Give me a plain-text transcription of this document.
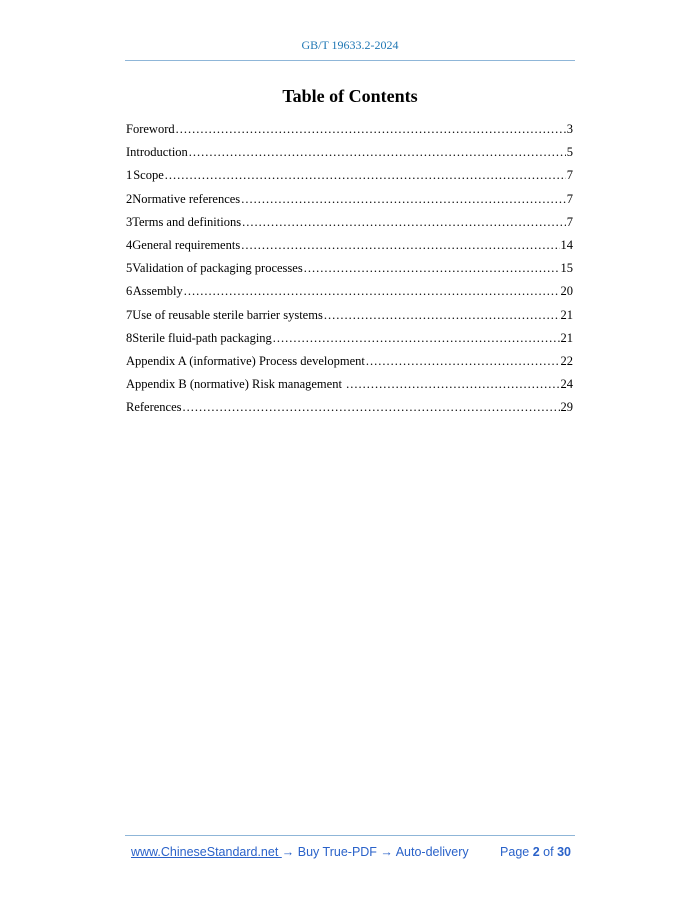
GB/T 19633.2-2024
Table of Contents
Foreword .....	3
Introduction .....	5
1 Scope .....	7
2 Normative references .....	7
3 Terms and definitions .....	7
4 General requirements .....	14
5 Validation of packaging processes .....	15
6 Assembly .....	20
7 Use of reusable sterile barrier systems .....	21
8 Sterile fluid-path packaging .....	21
Appendix A (informative) Process development .....	22
Appendix B (normative) Risk management .....	24
References .....	29
www.ChineseStandard.net → Buy True-PDF → Auto-delivery	Page 2 of 30
